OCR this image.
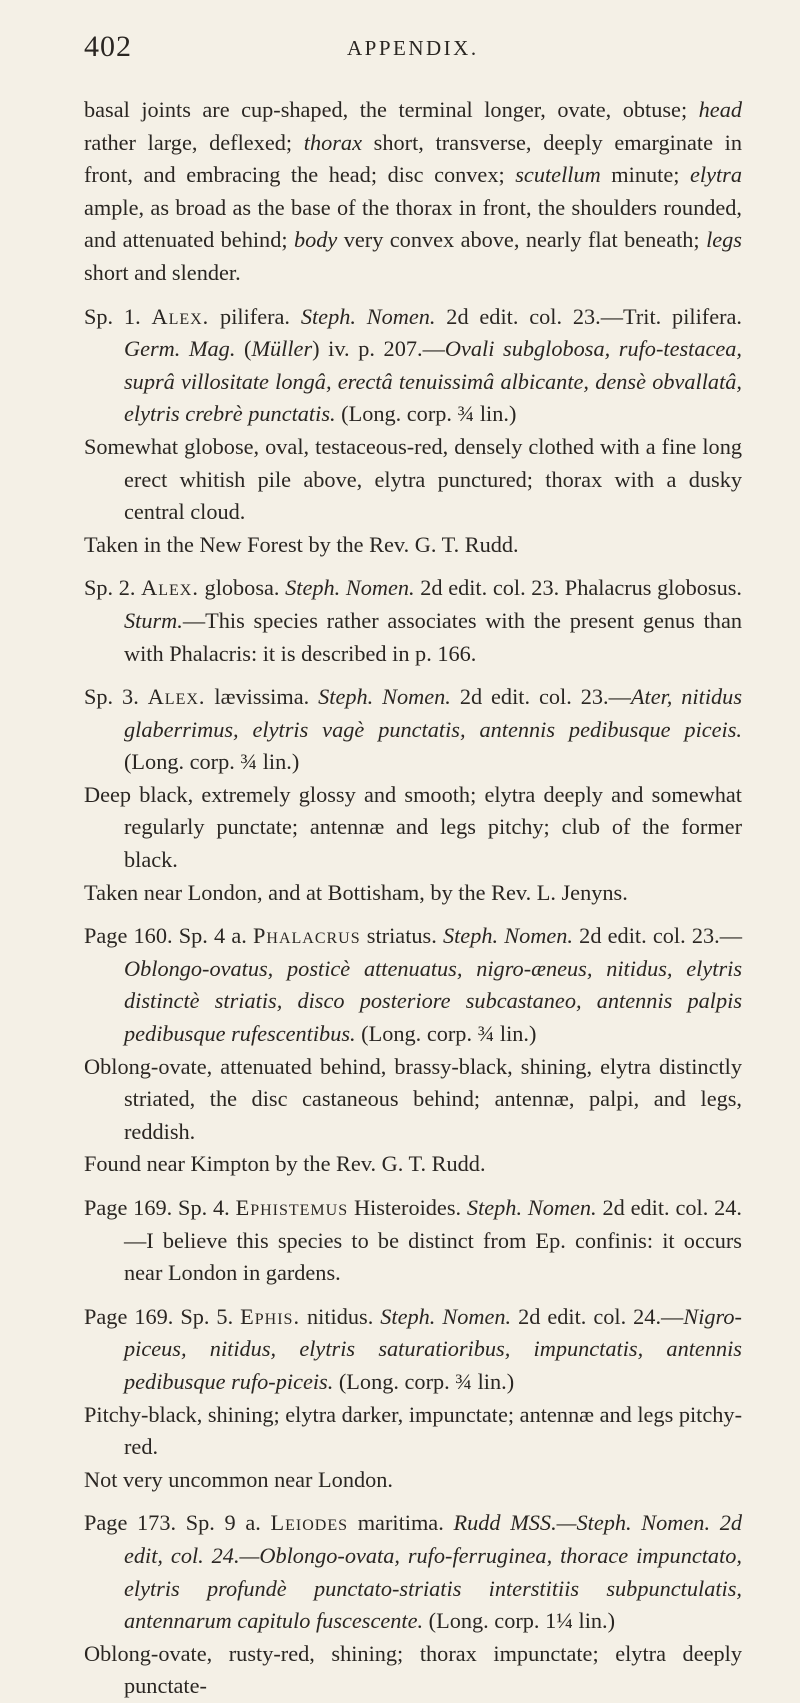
402	APPENDIX.

basal joints are cup-shaped, the terminal longer, ovate, obtuse; head rather large, deflexed; thorax short, transverse, deeply emarginate in front, and embracing the head; disc convex; scutellum minute; elytra ample, as broad as the base of the thorax in front, the shoulders rounded, and attenuated behind; body very convex above, nearly flat beneath; legs short and slender.

Sp. 1. Alex. pilifera. Steph. Nomen. 2d edit. col. 23.—Trit. pilifera. Germ. Mag. (Müller) iv. p. 207.—Ovali subglobosa, rufo-testacea, suprâ villositate longâ, erectâ tenuissimâ albicante, densè obvallatâ, elytris crebrè punctatis. (Long. corp. ¾ lin.)

Somewhat globose, oval, testaceous-red, densely clothed with a fine long erect whitish pile above, elytra punctured; thorax with a dusky central cloud.

Taken in the New Forest by the Rev. G. T. Rudd.

Sp. 2. Alex. globosa. Steph. Nomen. 2d edit. col. 23. Phalacrus globosus. Sturm.—This species rather associates with the present genus than with Phalacris: it is described in p. 166.

Sp. 3. Alex. lævissima. Steph. Nomen. 2d edit. col. 23.—Ater, nitidus glaberrimus, elytris vagè punctatis, antennis pedibusque piceis. (Long. corp. ¾ lin.)

Deep black, extremely glossy and smooth; elytra deeply and somewhat regularly punctate; antennæ and legs pitchy; club of the former black.

Taken near London, and at Bottisham, by the Rev. L. Jenyns.

Page 160. Sp. 4 a. Phalacrus striatus. Steph. Nomen. 2d edit. col. 23.—Oblongo-ovatus, posticè attenuatus, nigro-æneus, nitidus, elytris distinctè striatis, disco posteriore subcastaneo, antennis palpis pedibusque rufescentibus. (Long. corp. ¾ lin.)

Oblong-ovate, attenuated behind, brassy-black, shining, elytra distinctly striated, the disc castaneous behind; antennæ, palpi, and legs, reddish.

Found near Kimpton by the Rev. G. T. Rudd.

Page 169. Sp. 4. Ephistemus Histeroides. Steph. Nomen. 2d edit. col. 24.—I believe this species to be distinct from Ep. confinis: it occurs near London in gardens.

Page 169. Sp. 5. Ephis. nitidus. Steph. Nomen. 2d edit. col. 24.—Nigro-piceus, nitidus, elytris saturatioribus, impunctatis, antennis pedibusque rufo-piceis. (Long. corp. ¾ lin.)

Pitchy-black, shining; elytra darker, impunctate; antennæ and legs pitchy-red.

Not very uncommon near London.

Page 173. Sp. 9 a. Leiodes maritima. Rudd MSS.—Steph. Nomen. 2d edit, col. 24.—Oblongo-ovata, rufo-ferruginea, thorace impunctato, elytris profundè punctato-striatis interstitiis subpunctulatis, antennarum capitulo fuscescente. (Long. corp. 1¼ lin.)

Oblong-ovate, rusty-red, shining; thorax impunctate; elytra deeply punctate-
